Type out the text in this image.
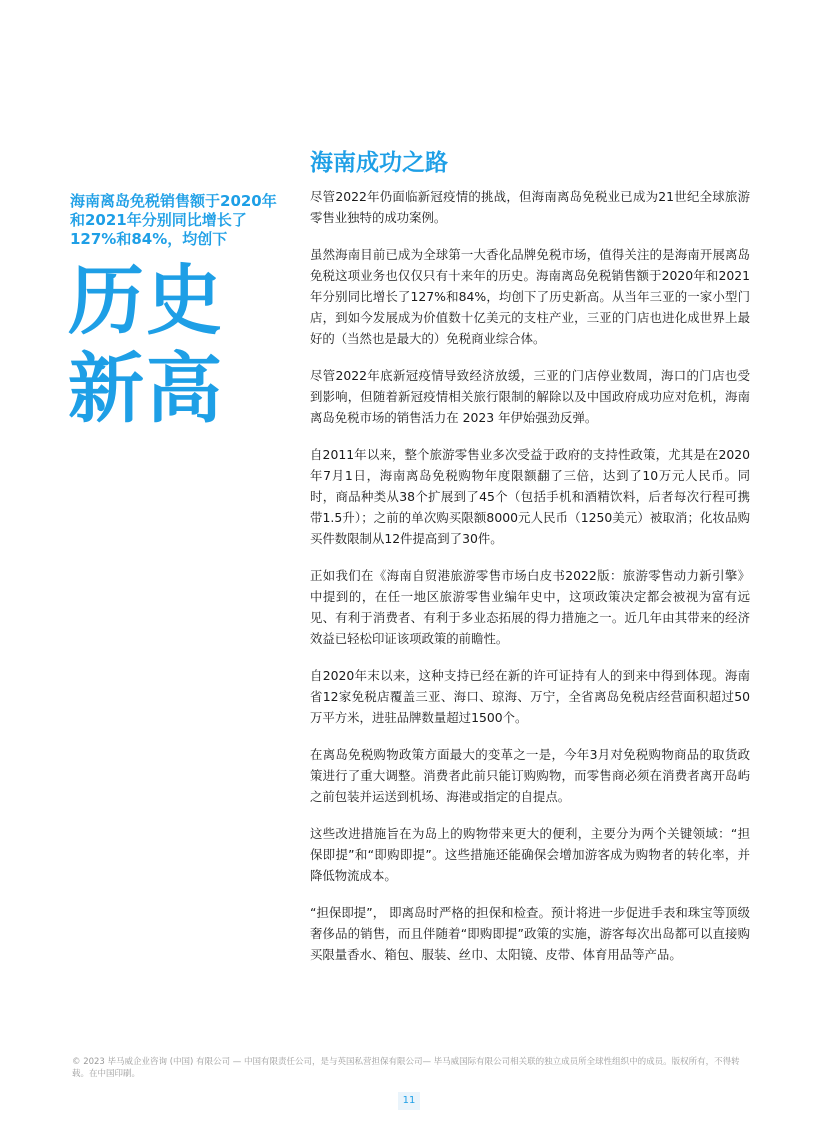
海南离岛免税销售额于2020年和2021年分别同比增长了127%和84%，均创下
历史
新高
海南成功之路

尽管2022年仍面临新冠疫情的挑战，但海南离岛免税业已成为21世纪全球旅游零售业独特的成功案例。

虽然海南目前已成为全球第一大香化品牌免税市场，值得关注的是海南开展离岛免税这项业务也仅仅只有十来年的历史。海南离岛免税销售额于2020年和2021年分别同比增长了127%和84%，均创下了历史新高。从当年三亚的一家小型门店，到如今发展成为价值数十亿美元的支柱产业，三亚的门店也进化成世界上最好的（当然也是最大的）免税商业综合体。

尽管2022年底新冠疫情导致经济放缓，三亚的门店停业数周，海口的门店也受到影响，但随着新冠疫情相关旅行限制的解除以及中国政府成功应对危机，海南离岛免税市场的销售活力在 2023 年伊始强劲反弹。

自2011年以来，整个旅游零售业多次受益于政府的支持性政策，尤其是在2020年7月1日，海南离岛免税购物年度限额翻了三倍，达到了10万元人民币。同时，商品种类从38个扩展到了45个（包括手机和酒精饮料，后者每次行程可携带1.5升）；之前的单次购买限额8000元人民币（1250美元）被取消；化妆品购买件数限制从12件提高到了30件。

正如我们在《海南自贸港旅游零售市场白皮书2022版：旅游零售动力新引擎》中提到的，在任一地区旅游零售业编年史中，这项政策决定都会被视为富有远见、有利于消费者、有利于多业态拓展的得力措施之一。近几年由其带来的经济效益已轻松印证该项政策的前瞻性。

自2020年末以来，这种支持已经在新的许可证持有人的到来中得到体现。海南省12家免税店覆盖三亚、海口、琼海、万宁，全省离岛免税店经营面积超过50万平方米，进驻品牌数量超过1500个。

在离岛免税购物政策方面最大的变革之一是，今年3月对免税购物商品的取货政策进行了重大调整。消费者此前只能订购购物，而零售商必须在消费者离开岛屿之前包装并运送到机场、海港或指定的自提点。

这些改进措施旨在为岛上的购物带来更大的便利，主要分为两个关键领域：“担保即提”和“即购即提”。这些措施还能确保会增加游客成为购物者的转化率，并降低物流成本。

“担保即提”， 即离岛时严格的担保和检查。预计将进一步促进手表和珠宝等顶级奢侈品的销售，而且伴随着“即购即提”政策的实施，游客每次出岛都可以直接购买限量香水、箱包、服装、丝巾、太阳镜、皮带、体育用品等产品。

© 2023 毕马威企业咨询 (中国) 有限公司 — 中国有限责任公司，是与英国私营担保有限公司— 毕马威国际有限公司相关联的独立成员所全球性组织中的成员。版权所有，不得转载。在中国印刷。

11
